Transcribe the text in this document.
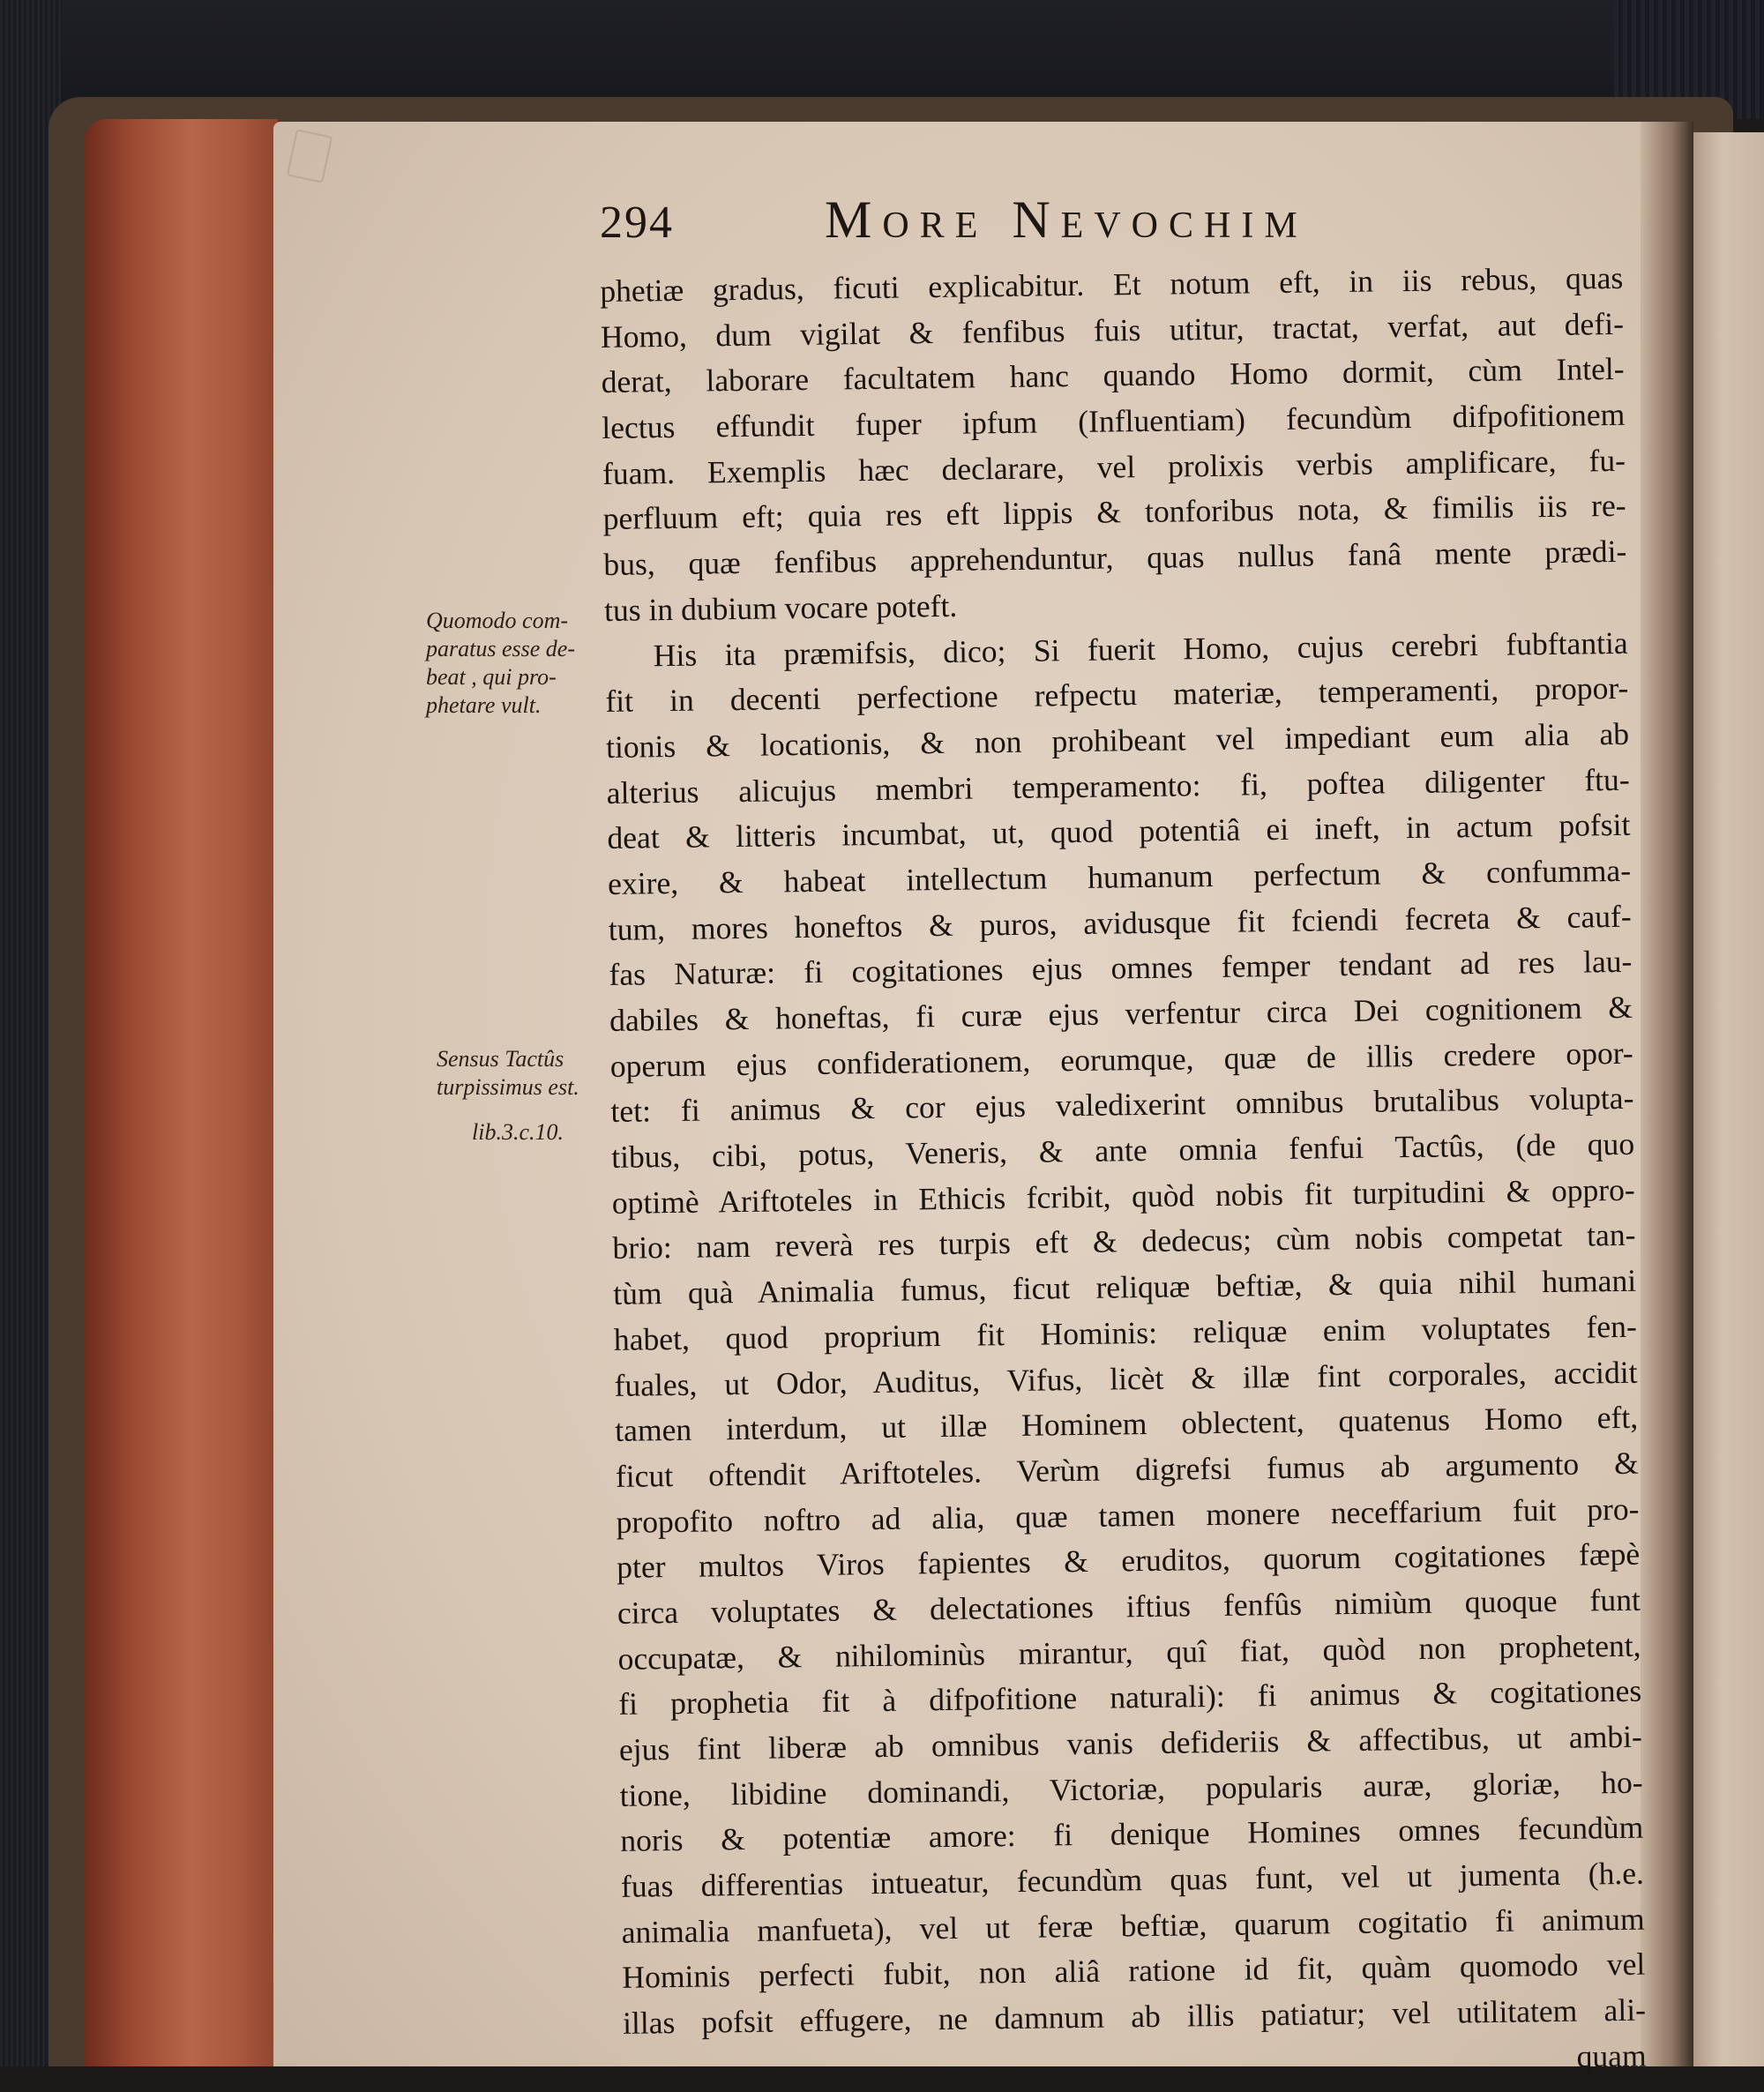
294	More Nevochim
Quomodo com-
paratus esse de-
beat , qui pro-
phetare vult.
Sensus Tactûs
turpissimus est.
lib.3.c.10.
phetiæ gradus, ficuti explicabitur. Et notum eft, in iis rebus, quas
Homo, dum vigilat & fenfibus fuis utitur, tractat, verfat, aut defi-
derat, laborare facultatem hanc quando Homo dormit, cùm Intel-
lectus effundit fuper ipfum (Influentiam) fecundùm difpofitionem
fuam. Exemplis hæc declarare, vel prolixis verbis amplificare, fu-
perfluum eft; quia res eft lippis & tonforibus nota, & fimilis iis re-
bus, quæ fenfibus apprehenduntur, quas nullus fanâ mente prædi-
tus in dubium vocare poteft.
His ita præmifsis, dico; Si fuerit Homo, cujus cerebri fubftantia
fit in decenti perfectione refpectu materiæ, temperamenti, propor-
tionis & locationis, & non prohibeant vel impediant eum alia ab
alterius alicujus membri temperamento: fi, poftea diligenter ftu-
deat & litteris incumbat, ut, quod potentiâ ei ineft, in actum pofsit
exire, & habeat intellectum humanum perfectum & confumma-
tum, mores honeftos & puros, avidusque fit fciendi fecreta & cauf-
fas Naturæ: fi cogitationes ejus omnes femper tendant ad res lau-
dabiles & honeftas, fi curæ ejus verfentur circa Dei cognitionem &
operum ejus confiderationem, eorumque, quæ de illis credere opor-
tet: fi animus & cor ejus valedixerint omnibus brutalibus volupta-
tibus, cibi, potus, Veneris, & ante omnia fenfui Tactûs, (de quo
optimè Ariftoteles in Ethicis fcribit, quòd nobis fit turpitudini & oppro-
brio: nam reverà res turpis eft & dedecus; cùm nobis competat tan-
tùm quà Animalia fumus, ficut reliquæ beftiæ, & quia nihil humani
habet, quod proprium fit Hominis: reliquæ enim voluptates fen-
fuales, ut Odor, Auditus, Vifus, licèt & illæ fint corporales, accidit
tamen interdum, ut illæ Hominem oblectent, quatenus Homo eft,
ficut oftendit Ariftoteles. Verùm digrefsi fumus ab argumento &
propofito noftro ad alia, quæ tamen monere neceffarium fuit pro-
pter multos Viros fapientes & eruditos, quorum cogitationes fæpè
circa voluptates & delectationes iftius fenfûs nimiùm quoque funt
occupatæ, & nihilominùs mirantur, quî fiat, quòd non prophetent,
fi prophetia fit à difpofitione naturali): fi animus & cogitationes
ejus fint liberæ ab omnibus vanis defideriis & affectibus, ut ambi-
tione, libidine dominandi, Victoriæ, popularis auræ, gloriæ, ho-
noris & potentiæ amore: fi denique Homines omnes fecundùm
fuas differentias intueatur, fecundùm quas funt, vel ut jumenta (h.e.
animalia manfueta), vel ut feræ beftiæ, quarum cogitatio fi animum
Hominis perfecti fubit, non aliâ ratione id fit, quàm quomodo vel
illas pofsit effugere, ne damnum ab illis patiatur; vel utilitatem ali-
quam
